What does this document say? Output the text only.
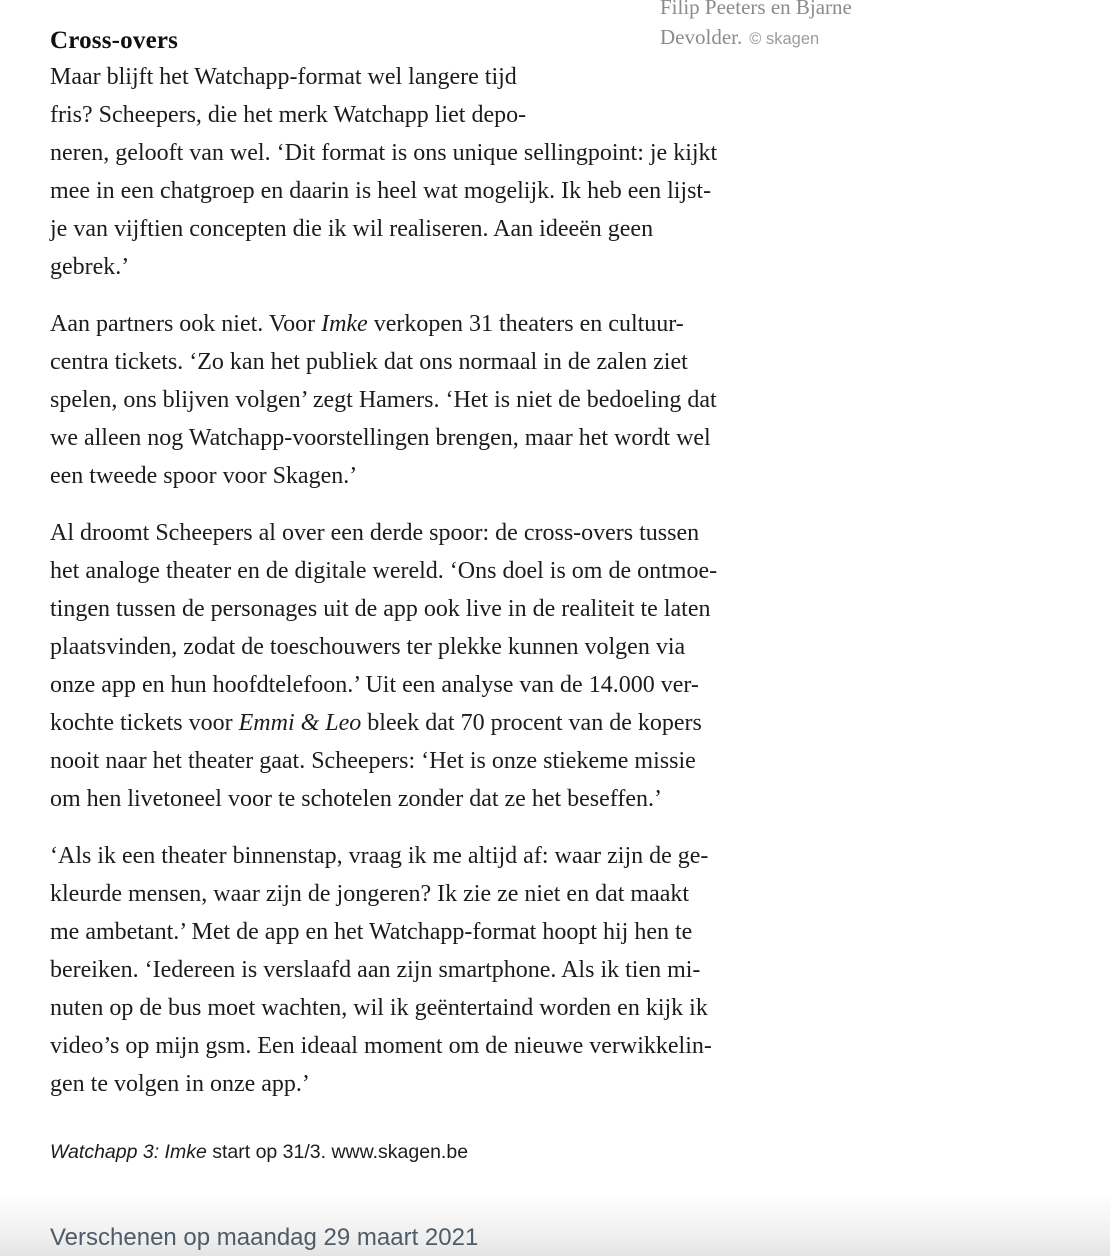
Filip Peeters en Bjarne
Devolder. © skagen
Cross-overs
Maar blijft het Watchapp-format wel langere tijd
fris? Scheepers, die het merk Watchapp liet depo-
neren, gelooft van wel. ‘Dit format is ons unique sellingpoint: je kijkt
mee in een chatgroep en daarin is heel wat mogelijk. Ik heb een lijst-
je van vijftien concepten die ik wil realiseren. Aan ideeën geen
gebrek.’
Aan partners ook niet. Voor Imke verkopen 31 theaters en cultuur-
centra tickets. ‘Zo kan het publiek dat ons normaal in de zalen ziet
spelen, ons blijven volgen’ zegt Hamers. ‘Het is niet de bedoeling dat
we alleen nog Watchapp-voorstellingen brengen, maar het wordt wel
een tweede spoor voor Skagen.’
Al droomt Scheepers al over een derde spoor: de cross-overs tussen
het analoge theater en de digitale wereld. ‘Ons doel is om de ontmoe-
tingen tussen de personages uit de app ook live in de realiteit te laten
plaatsvinden, zodat de toeschouwers ter plekke kunnen volgen via
onze app en hun hoofdtelefoon.’ Uit een analyse van de 14.000 ver-
kochte tickets voor Emmi & Leo bleek dat 70 procent van de kopers
nooit naar het theater gaat. Scheepers: ‘Het is onze stiekeme missie
om hen livetoneel voor te schotelen zonder dat ze het beseffen.’
‘Als ik een theater binnenstap, vraag ik me altijd af: waar zijn de ge-
kleurde mensen, waar zijn de jongeren? Ik zie ze niet en dat maakt
me ambetant.’ Met de app en het Watchapp-format hoopt hij hen te
bereiken. ‘Iedereen is verslaafd aan zijn smartphone. Als ik tien mi-
nuten op de bus moet wachten, wil ik geëntertaind worden en kijk ik
video’s op mijn gsm. Een ideaal moment om de nieuwe verwikkelin-
gen te volgen in onze app.’

Watchapp 3: Imke start op 31/3. www.skagen.be

Verschenen op maandag 29 maart 2021
